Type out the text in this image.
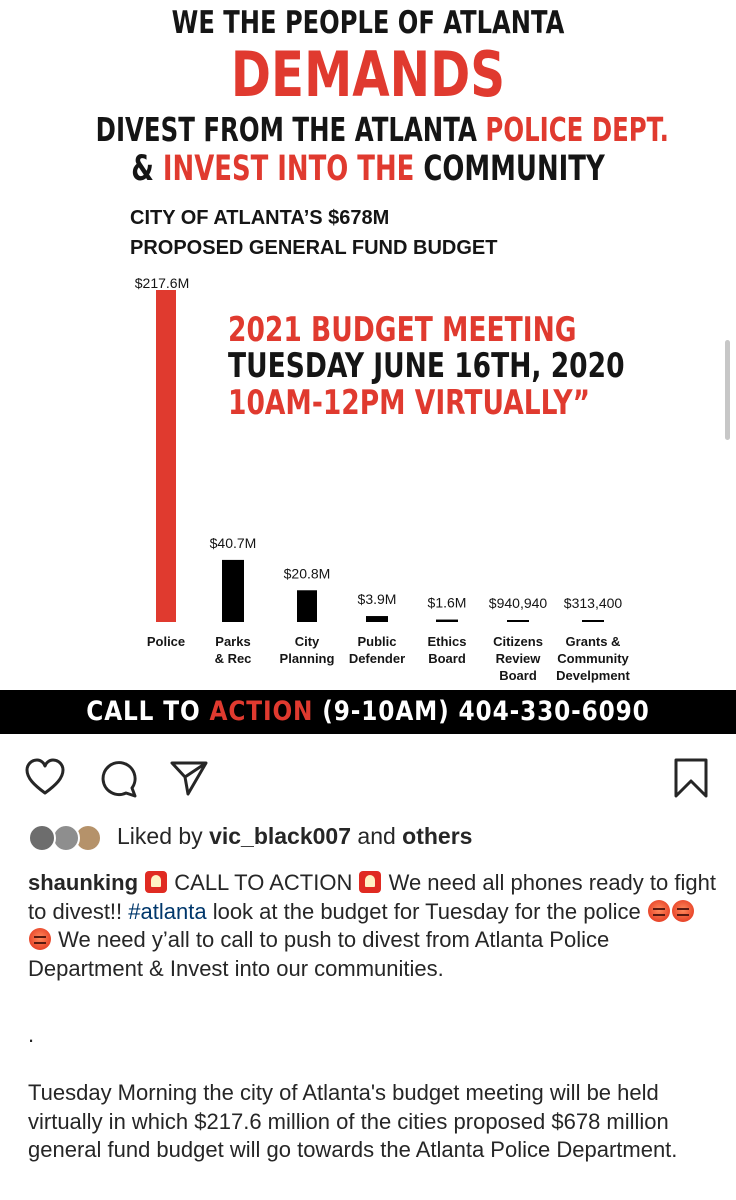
WE THE PEOPLE OF ATLANTA
DEMANDS
DIVEST FROM THE ATLANTA POLICE DEPT.
& INVEST INTO THE COMMUNITY
CITY OF ATLANTA’S $678M
PROPOSED GENERAL FUND BUDGET
$217.6M
Police
$40.7M
Parks
& Rec
$20.8M
City
Planning
$3.9M
Public
Defender
$1.6M
Ethics
Board
$940,940
Citizens
Review
Board
$313,400
Grants &
Community
Develpment
2021 BUDGET MEETING
TUESDAY JUNE 16TH, 2020
10AM-12PM VIRTUALLY”
CALL TO ACTION (9-10AM) 404-330-6090
Liked by vic_black007 and others
shaunking  CALL TO ACTION  We need all phones ready to fight to divest!! #atlanta look at the budget for Tuesday for the police  We need y’all to call to push to divest from Atlanta Police Department & Invest into our communities.
.
Tuesday Morning the city of Atlanta's budget meeting will be held virtually in which $217.6 million of the cities proposed $678 million general fund budget will go towards the Atlanta Police Department.
